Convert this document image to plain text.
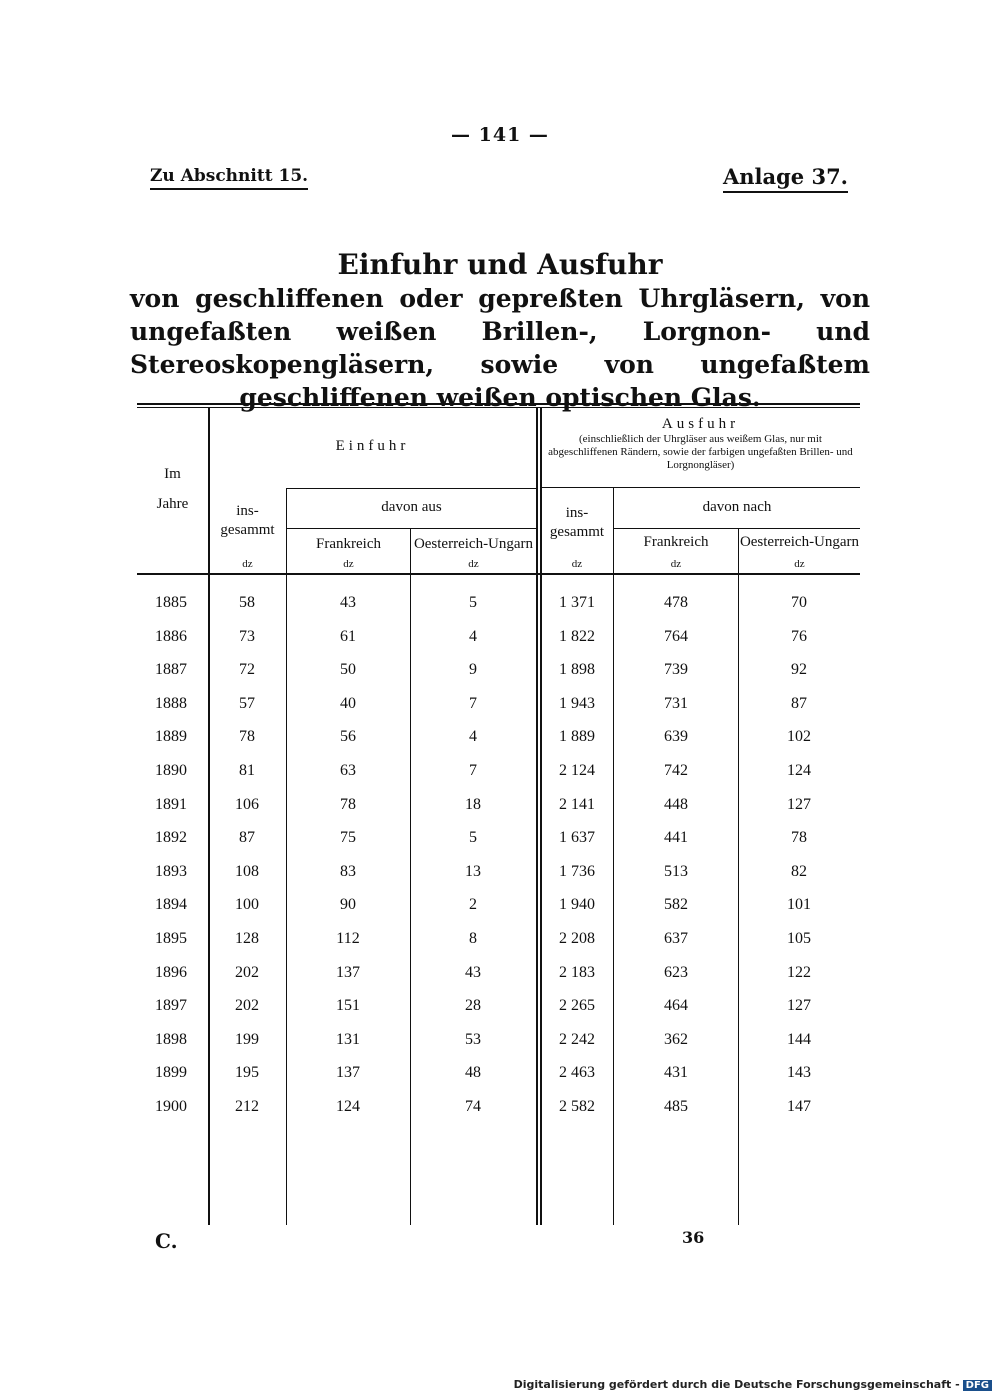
— 141 —
Zu Abschnitt 15.	Anlage 37.
Einfuhr und Ausfuhr
von geschliffenen oder gepreßten Uhrgläsern, von ungefaßten weißen Brillen-, Lorgnon- und Stereoskopengläsern, sowie von ungefaßtem geschliffenen weißen optischen Glas.
Im
Jahre
Einfuhr
Ausfuhr
(einschließlich der Uhrgläser aus weißem Glas, nur mit abgeschliffenen Rändern, sowie der farbigen ungefaßten Brillen- und Lorgnongläser)
ins-
gesammt
dz
davon aus
Frankreich
dz
Oesterreich-Ungarn
dz
ins-
gesammt
dz
davon nach
Frankreich
dz
Oesterreich-Ungarn
dz
1885	58	43	5	1 371	478	70
1886	73	61	4	1 822	764	76
1887	72	50	9	1 898	739	92
1888	57	40	7	1 943	731	87
1889	78	56	4	1 889	639	102
1890	81	63	7	2 124	742	124
1891	106	78	18	2 141	448	127
1892	87	75	5	1 637	441	78
1893	108	83	13	1 736	513	82
1894	100	90	2	1 940	582	101
1895	128	112	8	2 208	637	105
1896	202	137	43	2 183	623	122
1897	202	151	28	2 265	464	127
1898	199	131	53	2 242	362	144
1899	195	137	48	2 463	431	143
1900	212	124	74	2 582	485	147
C.	36
Digitalisierung gefördert durch die Deutsche Forschungsgemeinschaft - DFG
